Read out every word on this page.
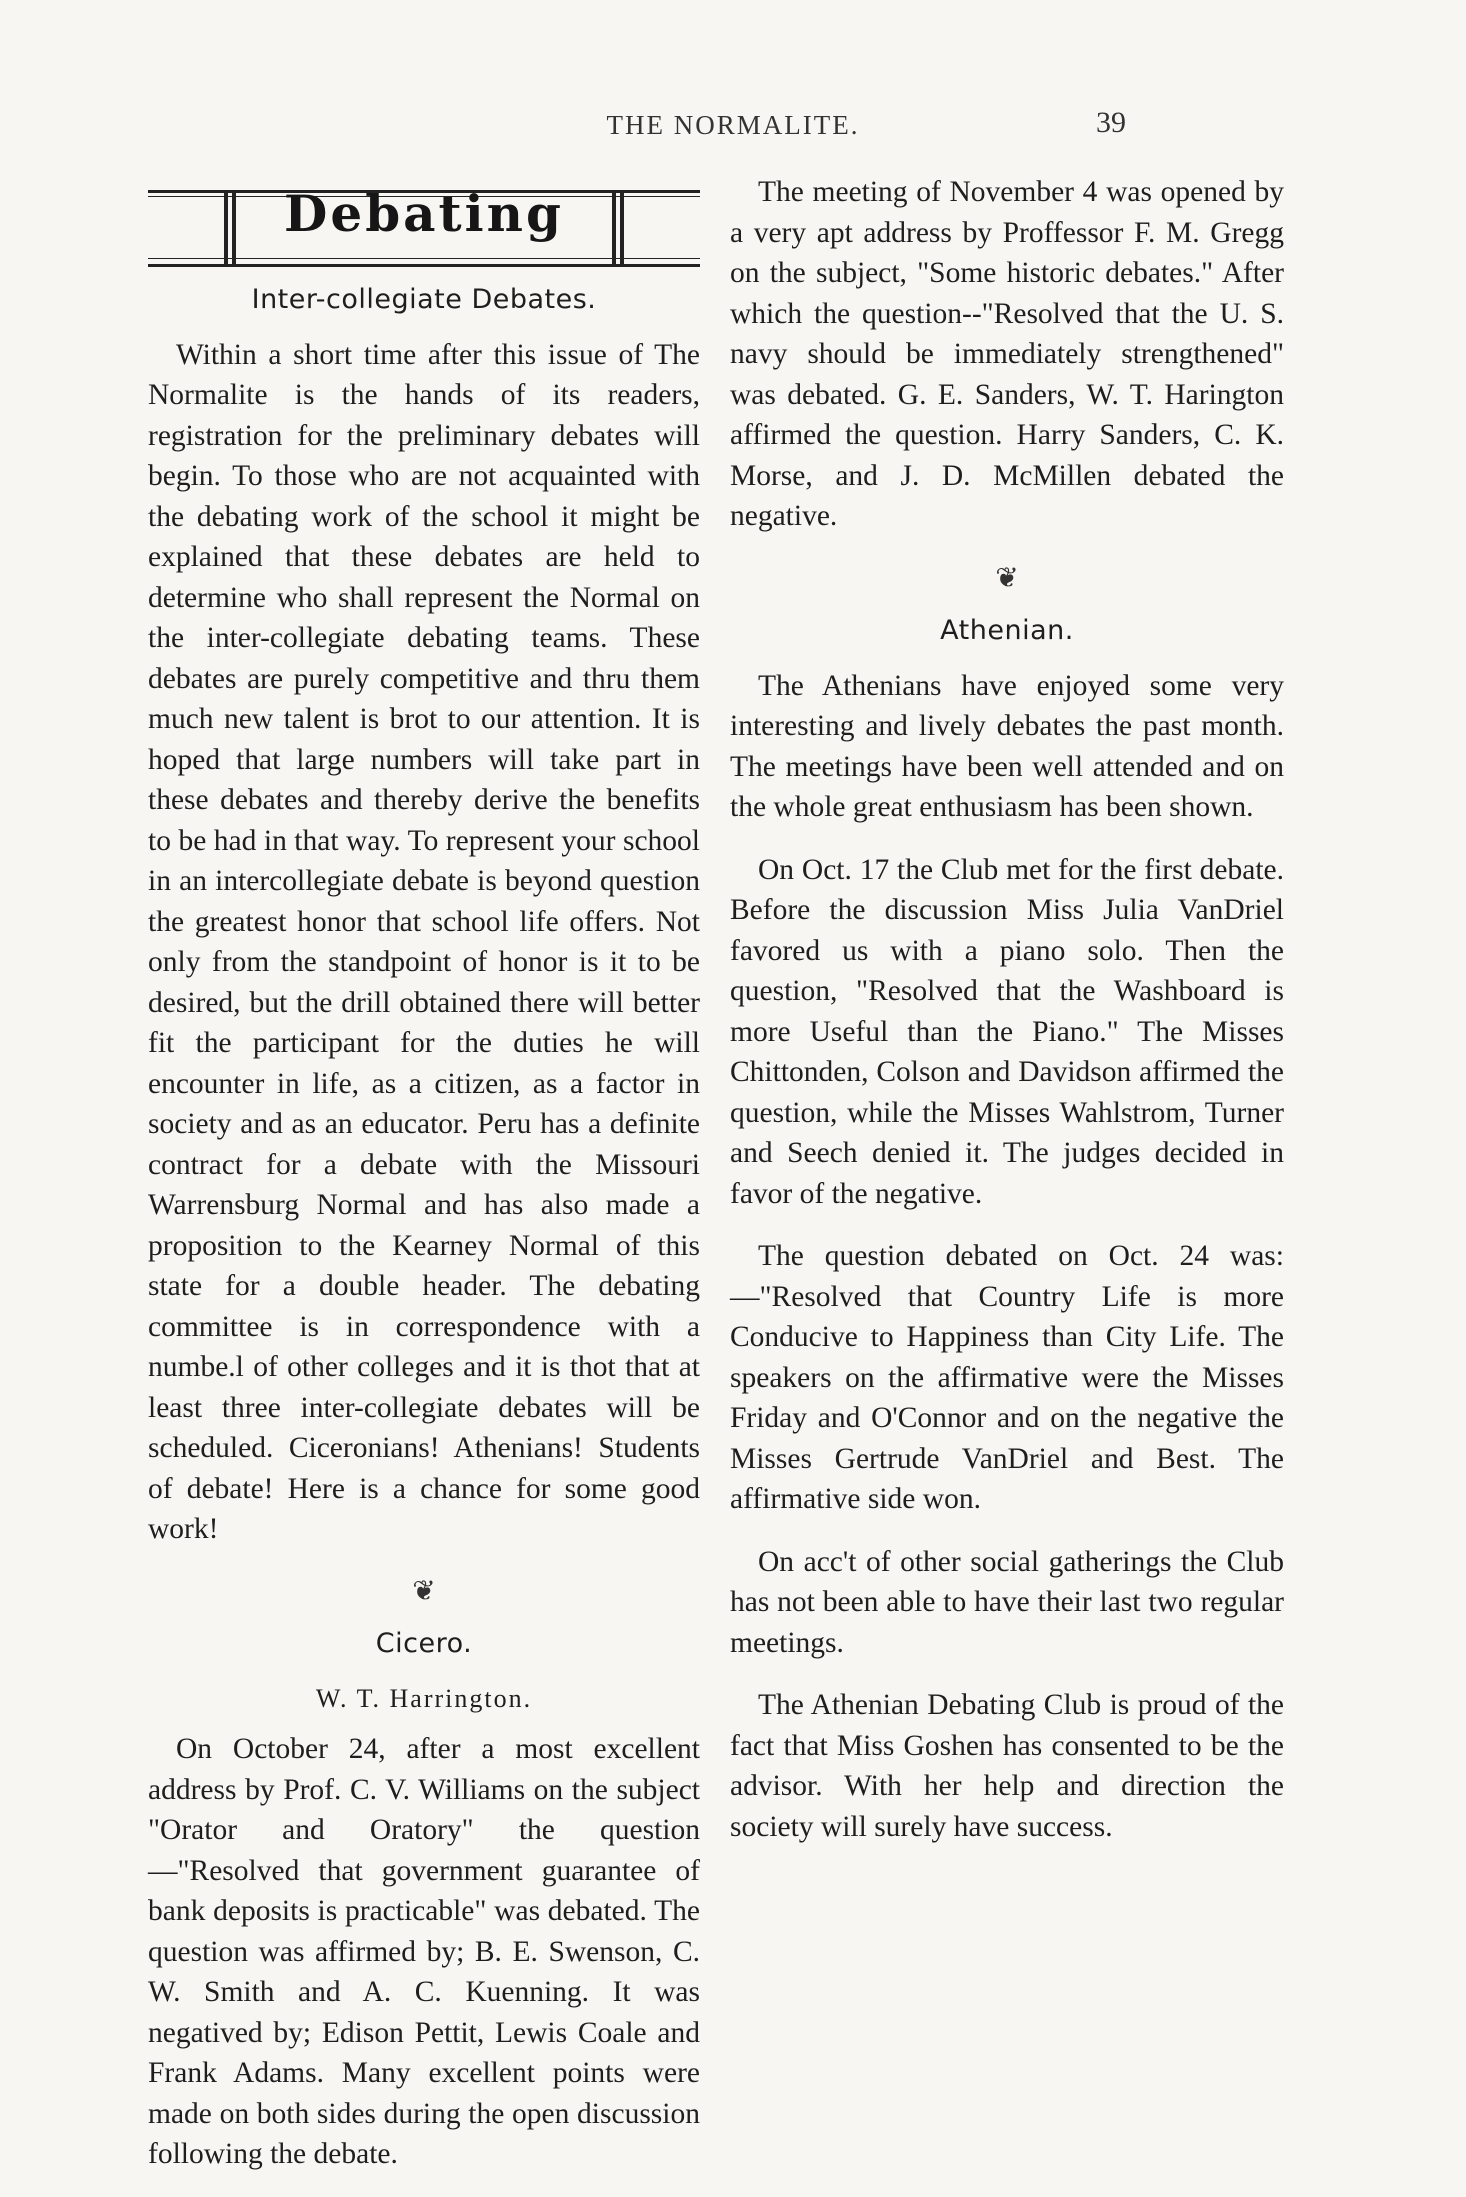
THE NORMALITE.	39
Debating
Inter-collegiate Debates.

Within a short time after this issue of The Normalite is the hands of its readers, registration for the preliminary debates will begin. To those who are not acquainted with the debating work of the school it might be explained that these debates are held to determine who shall represent the Normal on the inter-collegiate debating teams. These debates are purely competitive and thru them much new talent is brot to our attention. It is hoped that large numbers will take part in these debates and thereby derive the benefits to be had in that way. To represent your school in an intercollegiate debate is beyond question the greatest honor that school life offers. Not only from the standpoint of honor is it to be desired, but the drill obtained there will better fit the participant for the duties he will encounter in life, as a citizen, as a factor in society and as an educator. Peru has a definite contract for a debate with the Missouri Warrensburg Normal and has also made a proposition to the Kearney Normal of this state for a double header. The debating committee is in correspondence with a numbe.l of other colleges and it is thot that at least three inter-collegiate debates will be scheduled. Ciceronians! Athenians! Students of debate! Here is a chance for some good work!

❦
Cicero.
W. T. Harrington.

On October 24, after a most excellent address by Prof. C. V. Williams on the subject "Orator and Oratory" the question—"Resolved that government guarantee of bank deposits is practicable" was debated. The question was affirmed by; B. E. Swenson, C. W. Smith and A. C. Kuenning. It was negatived by; Edison Pettit, Lewis Coale and Frank Adams. Many excellent points were made on both sides during the open discussion following the debate.

The meeting of November 4 was opened by a very apt address by Proffessor F. M. Gregg on the subject, "Some historic debates." After which the question--"Resolved that the U. S. navy should be immediately strengthened" was debated. G. E. Sanders, W. T. Harington affirmed the question. Harry Sanders, C. K. Morse, and J. D. McMillen debated the negative.

❦
Athenian.

The Athenians have enjoyed some very interesting and lively debates the past month. The meetings have been well attended and on the whole great enthusiasm has been shown.

On Oct. 17 the Club met for the first debate. Before the discussion Miss Julia VanDriel favored us with a piano solo. Then the question, "Resolved that the Washboard is more Useful than the Piano." The Misses Chittonden, Colson and Davidson affirmed the question, while the Misses Wahlstrom, Turner and Seech denied it. The judges decided in favor of the negative.

The question debated on Oct. 24 was:—"Resolved that Country Life is more Conducive to Happiness than City Life. The speakers on the affirmative were the Misses Friday and O'Connor and on the negative the Misses Gertrude VanDriel and Best. The affirmative side won.

On acc't of other social gatherings the Club has not been able to have their last two regular meetings.

The Athenian Debating Club is proud of the fact that Miss Goshen has consented to be the advisor. With her help and direction the society will surely have success.
